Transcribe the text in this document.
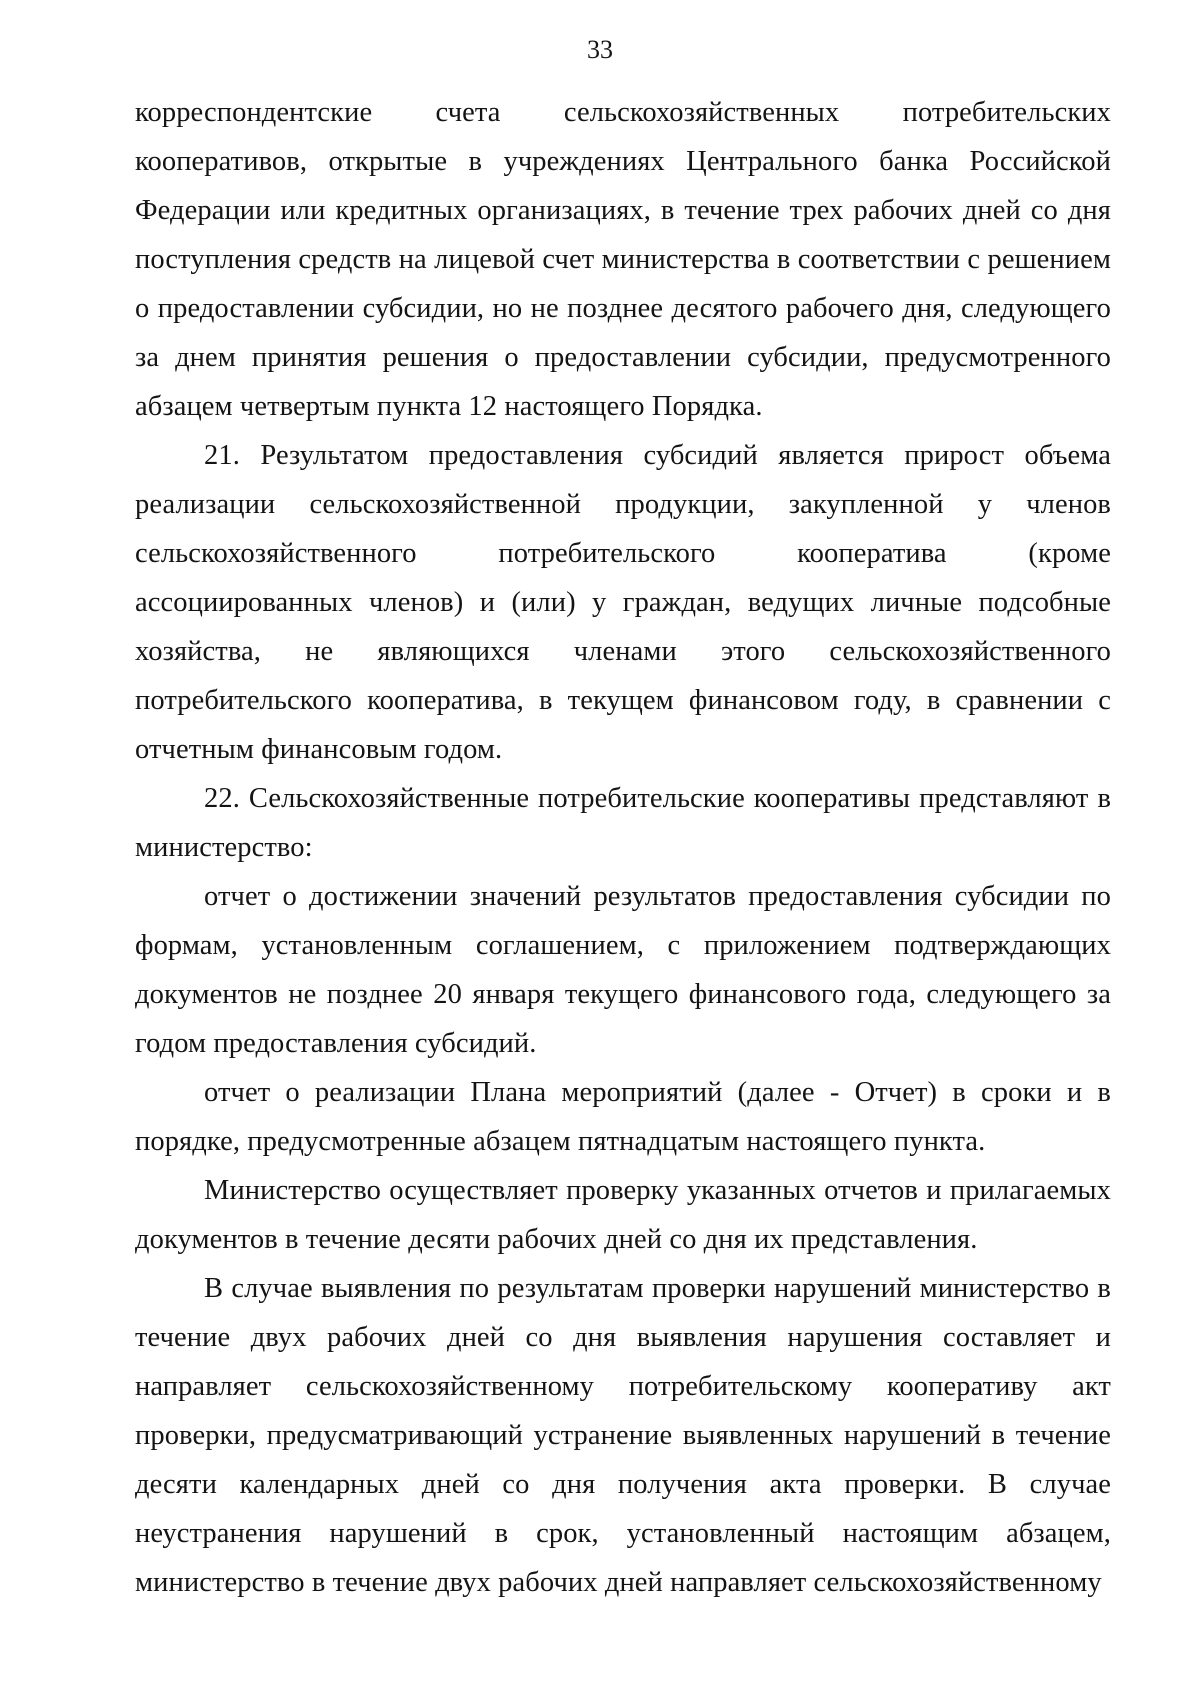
33

корреспондентские счета сельскохозяйственных потребительских кооперативов, открытые в учреждениях Центрального банка Российской Федерации или кредитных организациях, в течение трех рабочих дней со дня поступления средств на лицевой счет министерства в соответствии с решением о предоставлении субсидии, но не позднее десятого рабочего дня, следующего за днем принятия решения о предоставлении субсидии, предусмотренного абзацем четвертым пункта 12 настоящего Порядка.

21. Результатом предоставления субсидий является прирост объема реализации сельскохозяйственной продукции, закупленной у членов сельскохозяйственного потребительского кооператива (кроме ассоциированных членов) и (или) у граждан, ведущих личные подсобные хозяйства, не являющихся членами этого сельскохозяйственного потребительского кооператива, в текущем финансовом году, в сравнении с отчетным финансовым годом.

22. Сельскохозяйственные потребительские кооперативы представляют в министерство:

отчет о достижении значений результатов предоставления субсидии по формам, установленным соглашением, с приложением подтверждающих документов не позднее 20 января текущего финансового года, следующего за годом предоставления субсидий.

отчет о реализации Плана мероприятий (далее - Отчет) в сроки и в порядке, предусмотренные абзацем пятнадцатым настоящего пункта.

Министерство осуществляет проверку указанных отчетов и прилагаемых документов в течение десяти рабочих дней со дня их представления.

В случае выявления по результатам проверки нарушений министерство в течение двух рабочих дней со дня выявления нарушения составляет и направляет сельскохозяйственному потребительскому кооперативу акт проверки, предусматривающий устранение выявленных нарушений в течение десяти календарных дней со дня получения акта проверки. В случае неустранения нарушений в срок, установленный настоящим абзацем, министерство в течение двух рабочих дней направляет сельскохозяйственному
